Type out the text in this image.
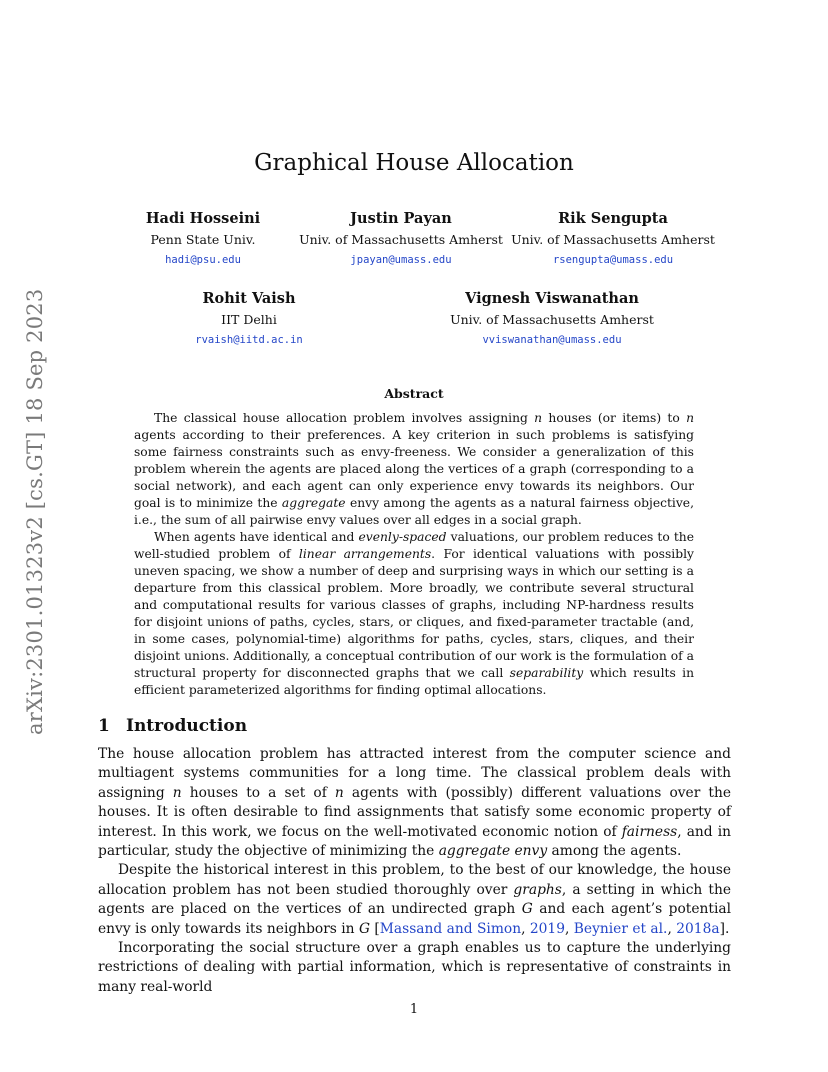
arXiv:2301.01323v2 [cs.GT] 18 Sep 2023
Graphical House Allocation
Hadi Hosseini
Penn State Univ.
hadi@psu.edu
Justin Payan
Univ. of Massachusetts Amherst
jpayan@umass.edu
Rik Sengupta
Univ. of Massachusetts Amherst
rsengupta@umass.edu
Rohit Vaish
IIT Delhi
rvaish@iitd.ac.in
Vignesh Viswanathan
Univ. of Massachusetts Amherst
vviswanathan@umass.edu
Abstract

The classical house allocation problem involves assigning n houses (or items) to n agents according to their preferences. A key criterion in such problems is satisfying some fairness constraints such as envy-freeness. We consider a generalization of this problem wherein the agents are placed along the vertices of a graph (corresponding to a social network), and each agent can only experience envy towards its neighbors. Our goal is to minimize the aggregate envy among the agents as a natural fairness objective, i.e., the sum of all pairwise envy values over all edges in a social graph.

When agents have identical and evenly-spaced valuations, our problem reduces to the well-studied problem of linear arrangements. For identical valuations with possibly uneven spacing, we show a number of deep and surprising ways in which our setting is a departure from this classical problem. More broadly, we contribute several structural and computational results for various classes of graphs, including NP-hardness results for disjoint unions of paths, cycles, stars, or cliques, and fixed-parameter tractable (and, in some cases, polynomial-time) algorithms for paths, cycles, stars, cliques, and their disjoint unions. Additionally, a conceptual contribution of our work is the formulation of a structural property for disconnected graphs that we call separability which results in efficient parameterized algorithms for finding optimal allocations.

1 Introduction

The house allocation problem has attracted interest from the computer science and multiagent systems communities for a long time. The classical problem deals with assigning n houses to a set of n agents with (possibly) different valuations over the houses. It is often desirable to find assignments that satisfy some economic property of interest. In this work, we focus on the well-motivated economic notion of fairness, and in particular, study the objective of minimizing the aggregate envy among the agents.

Despite the historical interest in this problem, to the best of our knowledge, the house allocation problem has not been studied thoroughly over graphs, a setting in which the agents are placed on the vertices of an undirected graph G and each agent’s potential envy is only towards its neighbors in G [Massand and Simon, 2019, Beynier et al., 2018a].

Incorporating the social structure over a graph enables us to capture the underlying restrictions of dealing with partial information, which is representative of constraints in many real-world

1
